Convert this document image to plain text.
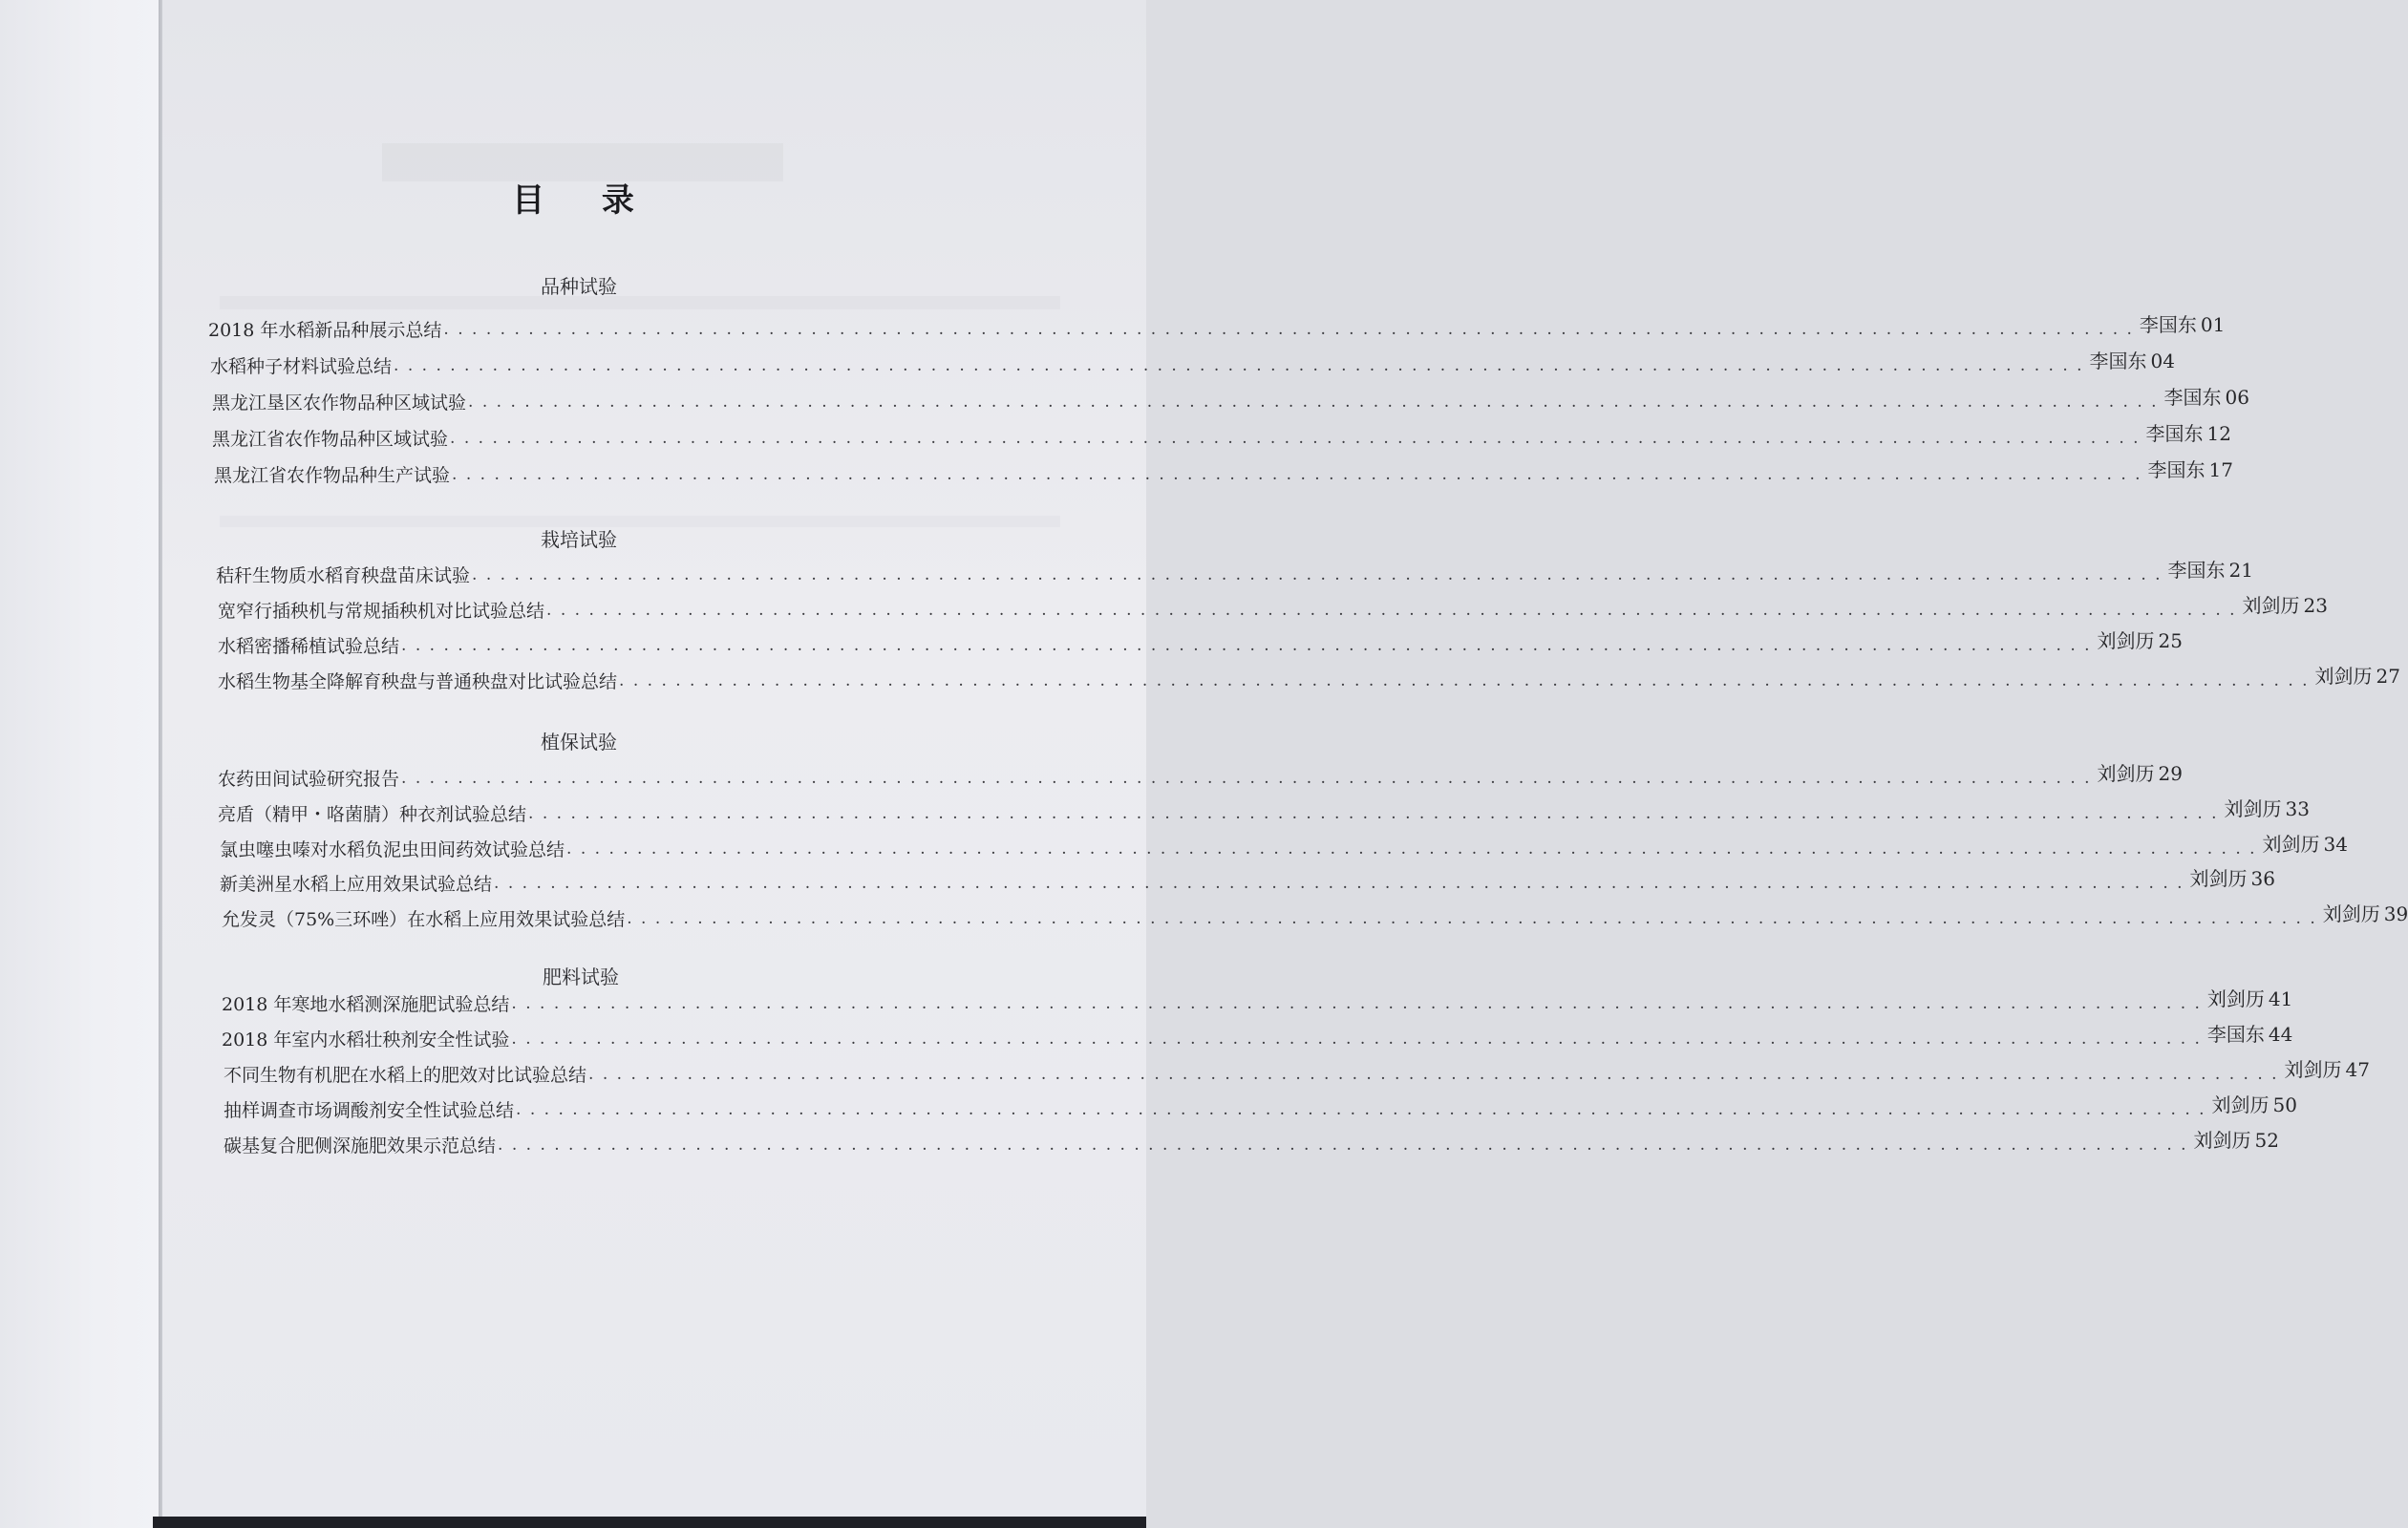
目 录
品种试验
2018 年水稻新品种展示总结 . . . . . . . . . . . . . . . . . . . . . . . . . . . . . . . . . . . . . . . . . . . . . . . . . . . . . . . . . . . . . . . . . . . . . . . . . . . . . . . . . . . . . . . . . . . . . . . . . . . . . . . . . . . . . . . . . . . . . . . . 李国东 01
水稻种子材料试验总结 . . . . . . . . . . . . . . . . . . . . . . . . . . . . . . . . . . . . . . . . . . . . . . . . . . . . . . . . . . . . . . . . . . . . . . . . . . . . . . . . . . . . . . . . . . . . . . . . . . . . . . . . . . . . . . . . . . . . . . . . 李国东 04
黑龙江垦区农作物品种区域试验 . . . . . . . . . . . . . . . . . . . . . . . . . . . . . . . . . . . . . . . . . . . . . . . . . . . . . . . . . . . . . . . . . . . . . . . . . . . . . . . . . . . . . . . . . . . . . . . . . . . . . . . . . . . . . . . . . . . . . . . . 李国东 06
黑龙江省农作物品种区域试验 . . . . . . . . . . . . . . . . . . . . . . . . . . . . . . . . . . . . . . . . . . . . . . . . . . . . . . . . . . . . . . . . . . . . . . . . . . . . . . . . . . . . . . . . . . . . . . . . . . . . . . . . . . . . . . . . . . . . . . . . 李国东 12
黑龙江省农作物品种生产试验 . . . . . . . . . . . . . . . . . . . . . . . . . . . . . . . . . . . . . . . . . . . . . . . . . . . . . . . . . . . . . . . . . . . . . . . . . . . . . . . . . . . . . . . . . . . . . . . . . . . . . . . . . . . . . . . . . . . . . . . . 李国东 17
栽培试验
秸秆生物质水稻育秧盘苗床试验 . . . . . . . . . . . . . . . . . . . . . . . . . . . . . . . . . . . . . . . . . . . . . . . . . . . . . . . . . . . . . . . . . . . . . . . . . . . . . . . . . . . . . . . . . . . . . . . . . . . . . . . . . . . . . . . . . . . . . . . . 李国东 21
宽窄行插秧机与常规插秧机对比试验总结 . . . . . . . . . . . . . . . . . . . . . . . . . . . . . . . . . . . . . . . . . . . . . . . . . . . . . . . . . . . . . . . . . . . . . . . . . . . . . . . . . . . . . . . . . . . . . . . . . . . . . . . . . . . . . . . . . . . . . . . . 刘剑历 23
水稻密播稀植试验总结 . . . . . . . . . . . . . . . . . . . . . . . . . . . . . . . . . . . . . . . . . . . . . . . . . . . . . . . . . . . . . . . . . . . . . . . . . . . . . . . . . . . . . . . . . . . . . . . . . . . . . . . . . . . . . . . . . . . . . . . . 刘剑历 25
水稻生物基全降解育秧盘与普通秧盘对比试验总结 . . . . . . . . . . . . . . . . . . . . . . . . . . . . . . . . . . . . . . . . . . . . . . . . . . . . . . . . . . . . . . . . . . . . . . . . . . . . . . . . . . . . . . . . . . . . . . . . . . . . . . . . . . . . . . . . . . . . . . . . 刘剑历 27
植保试验
农药田间试验研究报告 . . . . . . . . . . . . . . . . . . . . . . . . . . . . . . . . . . . . . . . . . . . . . . . . . . . . . . . . . . . . . . . . . . . . . . . . . . . . . . . . . . . . . . . . . . . . . . . . . . . . . . . . . . . . . . . . . . . . . . . . 刘剑历 29
亮盾（精甲・咯菌腈）种衣剂试验总结 . . . . . . . . . . . . . . . . . . . . . . . . . . . . . . . . . . . . . . . . . . . . . . . . . . . . . . . . . . . . . . . . . . . . . . . . . . . . . . . . . . . . . . . . . . . . . . . . . . . . . . . . . . . . . . . . . . . . . . . . 刘剑历 33
氯虫噻虫嗪对水稻负泥虫田间药效试验总结 . . . . . . . . . . . . . . . . . . . . . . . . . . . . . . . . . . . . . . . . . . . . . . . . . . . . . . . . . . . . . . . . . . . . . . . . . . . . . . . . . . . . . . . . . . . . . . . . . . . . . . . . . . . . . . . . . . . . . . . . 刘剑历 34
新美洲星水稻上应用效果试验总结 . . . . . . . . . . . . . . . . . . . . . . . . . . . . . . . . . . . . . . . . . . . . . . . . . . . . . . . . . . . . . . . . . . . . . . . . . . . . . . . . . . . . . . . . . . . . . . . . . . . . . . . . . . . . . . . . . . . . . . . . 刘剑历 36
允发灵（75%三环唑）在水稻上应用效果试验总结 . . . . . . . . . . . . . . . . . . . . . . . . . . . . . . . . . . . . . . . . . . . . . . . . . . . . . . . . . . . . . . . . . . . . . . . . . . . . . . . . . . . . . . . . . . . . . . . . . . . . . . . . . . . . . . . . . . . . . . . . 刘剑历 39
肥料试验
2018 年寒地水稻测深施肥试验总结 . . . . . . . . . . . . . . . . . . . . . . . . . . . . . . . . . . . . . . . . . . . . . . . . . . . . . . . . . . . . . . . . . . . . . . . . . . . . . . . . . . . . . . . . . . . . . . . . . . . . . . . . . . . . . . . . . . . . . . . . 刘剑历 41
2018 年室内水稻壮秧剂安全性试验 . . . . . . . . . . . . . . . . . . . . . . . . . . . . . . . . . . . . . . . . . . . . . . . . . . . . . . . . . . . . . . . . . . . . . . . . . . . . . . . . . . . . . . . . . . . . . . . . . . . . . . . . . . . . . . . . . . . . . . . . 李国东 44
不同生物有机肥在水稻上的肥效对比试验总结 . . . . . . . . . . . . . . . . . . . . . . . . . . . . . . . . . . . . . . . . . . . . . . . . . . . . . . . . . . . . . . . . . . . . . . . . . . . . . . . . . . . . . . . . . . . . . . . . . . . . . . . . . . . . . . . . . . . . . . . . 刘剑历 47
抽样调查市场调酸剂安全性试验总结 . . . . . . . . . . . . . . . . . . . . . . . . . . . . . . . . . . . . . . . . . . . . . . . . . . . . . . . . . . . . . . . . . . . . . . . . . . . . . . . . . . . . . . . . . . . . . . . . . . . . . . . . . . . . . . . . . . . . . . . . 刘剑历 50
碳基复合肥侧深施肥效果示范总结 . . . . . . . . . . . . . . . . . . . . . . . . . . . . . . . . . . . . . . . . . . . . . . . . . . . . . . . . . . . . . . . . . . . . . . . . . . . . . . . . . . . . . . . . . . . . . . . . . . . . . . . . . . . . . . . . . . . . . . . . 刘剑历 52
